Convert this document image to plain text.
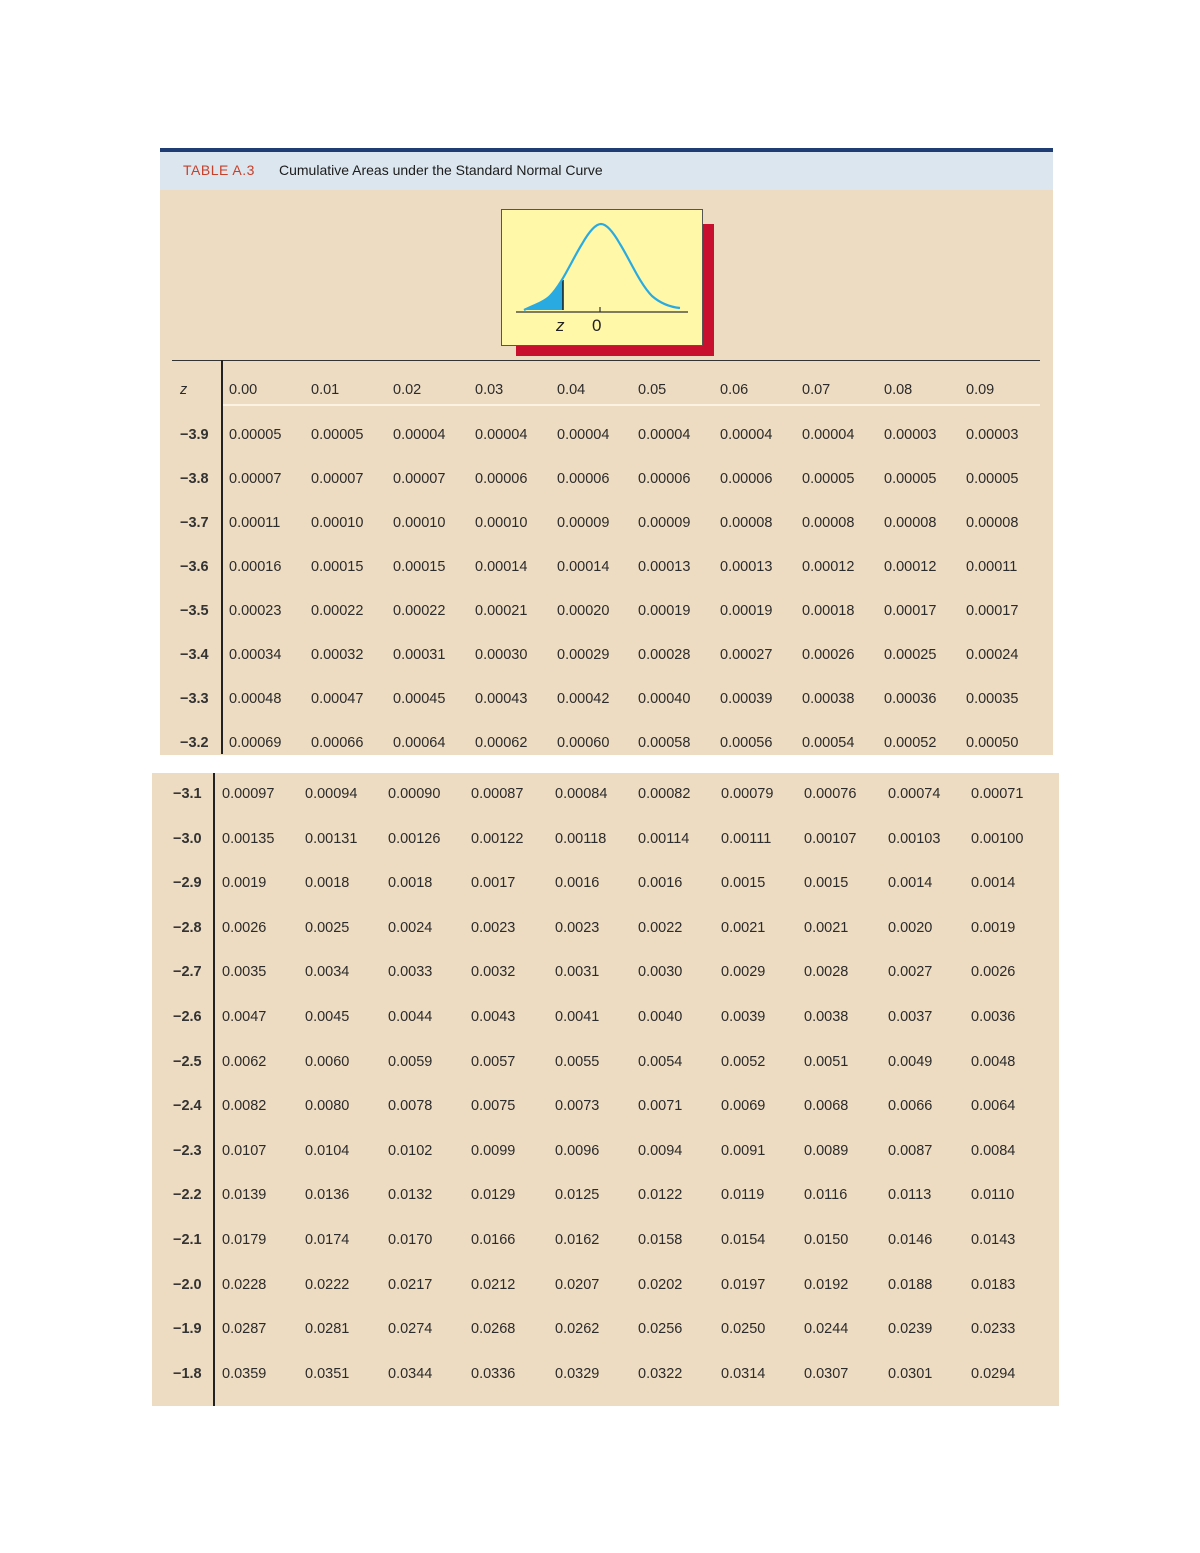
TABLE A.3 Cumulative Areas under the Standard Normal Curve
z 0
z	0.00	0.01	0.02	0.03	0.04	0.05	0.06	0.07	0.08	0.09
−3.9 0.00005 0.00005 0.00004 0.00004 0.00004 0.00004 0.00004 0.00004 0.00003 0.00003
−3.8 0.00007 0.00007 0.00007 0.00006 0.00006 0.00006 0.00006 0.00005 0.00005 0.00005
−3.7 0.00011 0.00010 0.00010 0.00010 0.00009 0.00009 0.00008 0.00008 0.00008 0.00008
−3.6 0.00016 0.00015 0.00015 0.00014 0.00014 0.00013 0.00013 0.00012 0.00012 0.00011
−3.5 0.00023 0.00022 0.00022 0.00021 0.00020 0.00019 0.00019 0.00018 0.00017 0.00017
−3.4 0.00034 0.00032 0.00031 0.00030 0.00029 0.00028 0.00027 0.00026 0.00025 0.00024
−3.3 0.00048 0.00047 0.00045 0.00043 0.00042 0.00040 0.00039 0.00038 0.00036 0.00035
−3.2 0.00069 0.00066 0.00064 0.00062 0.00060 0.00058 0.00056 0.00054 0.00052 0.00050
−3.1 0.00097 0.00094 0.00090 0.00087 0.00084 0.00082 0.00079 0.00076 0.00074 0.00071
−3.0 0.00135 0.00131 0.00126 0.00122 0.00118 0.00114 0.00111 0.00107 0.00103 0.00100
−2.9 0.0019	0.0018	0.0018	0.0017	0.0016	0.0016	0.0015	0.0015	0.0014	0.0014
−2.8 0.0026	0.0025	0.0024	0.0023	0.0023	0.0022	0.0021	0.0021	0.0020	0.0019
−2.7 0.0035	0.0034	0.0033	0.0032	0.0031	0.0030	0.0029	0.0028	0.0027	0.0026
−2.6 0.0047	0.0045	0.0044	0.0043	0.0041	0.0040	0.0039	0.0038	0.0037	0.0036
−2.5 0.0062	0.0060	0.0059	0.0057	0.0055	0.0054	0.0052	0.0051	0.0049	0.0048
−2.4 0.0082	0.0080	0.0078	0.0075	0.0073	0.0071	0.0069	0.0068	0.0066	0.0064
−2.3 0.0107	0.0104	0.0102	0.0099	0.0096	0.0094	0.0091	0.0089	0.0087	0.0084
−2.2 0.0139	0.0136	0.0132	0.0129	0.0125	0.0122	0.0119	0.0116	0.0113	0.0110
−2.1 0.0179	0.0174	0.0170	0.0166	0.0162	0.0158	0.0154	0.0150	0.0146	0.0143
−2.0 0.0228	0.0222	0.0217	0.0212	0.0207	0.0202	0.0197	0.0192	0.0188	0.0183
−1.9 0.0287	0.0281	0.0274	0.0268	0.0262	0.0256	0.0250	0.0244	0.0239	0.0233
−1.8 0.0359	0.0351	0.0344	0.0336	0.0329	0.0322	0.0314	0.0307	0.0301	0.0294
